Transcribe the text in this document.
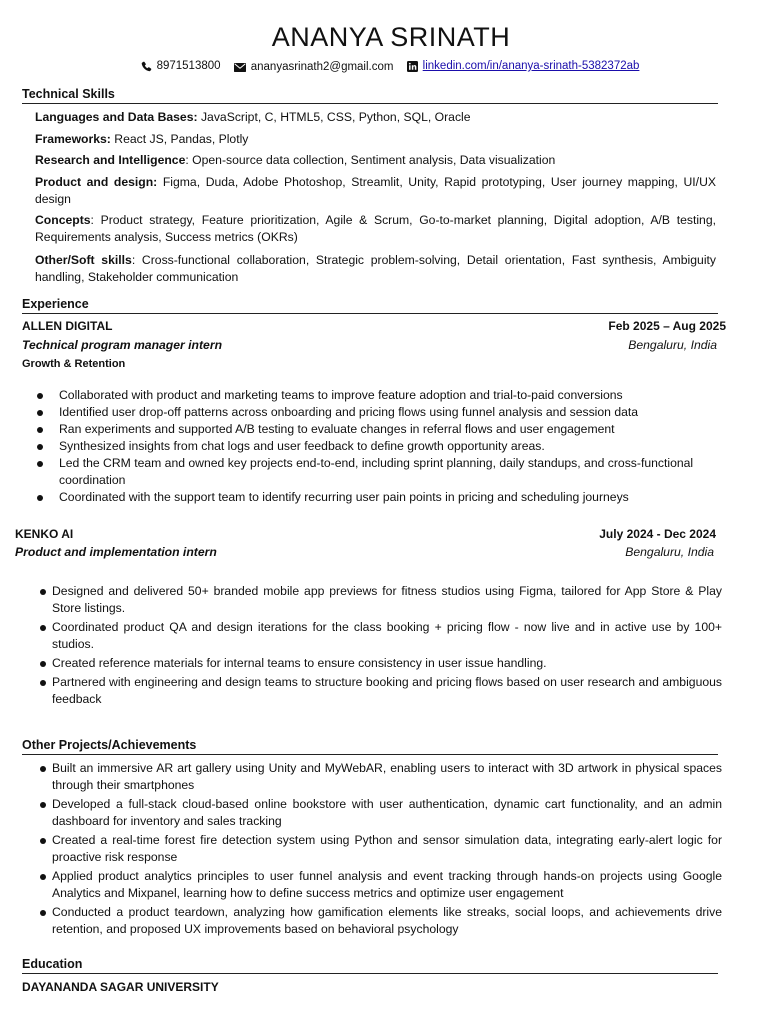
ANANYA SRINATH
8971513800
	ananyasrinath2@gmail.com
	linkedin.com/in/ananya-srinath-5382372ab
Technical Skills
Languages and Data Bases: JavaScript, C, HTML5, CSS, Python, SQL, Oracle
Frameworks: React JS, Pandas, Plotly
Research and Intelligence: Open-source data collection, Sentiment analysis, Data visualization
Product and design: Figma, Duda, Adobe Photoshop, Streamlit, Unity, Rapid prototyping, User journey mapping, UI/UX design
Concepts: Product strategy, Feature prioritization, Agile & Scrum, Go-to-market planning, Digital adoption, A/B testing, Requirements analysis, Success metrics (OKRs)
Other/Soft skills: Cross-functional collaboration, Strategic problem-solving, Detail orientation, Fast synthesis, Ambiguity handling, Stakeholder communication
Experience
ALLEN DIGITAL	Feb 2025 – Aug 2025
Technical program manager intern	Bengaluru, India
Growth & Retention
Collaborated with product and marketing teams to improve feature adoption and trial-to-paid conversions
Identified user drop-off patterns across onboarding and pricing flows using funnel analysis and session data
Ran experiments and supported A/B testing to evaluate changes in referral flows and user engagement
Synthesized insights from chat logs and user feedback to define growth opportunity areas.
Led the CRM team and owned key projects end-to-end, including sprint planning, daily standups, and cross-functional coordination
Coordinated with the support team to identify recurring user pain points in pricing and scheduling journeys
KENKO AI	July 2024 - Dec 2024
Product and implementation intern	Bengaluru, India
Designed and delivered 50+ branded mobile app previews for fitness studios using Figma, tailored for App Store & Play Store listings.
Coordinated product QA and design iterations for the class booking + pricing flow - now live and in active use by 100+ studios.
Created reference materials for internal teams to ensure consistency in user issue handling.
Partnered with engineering and design teams to structure booking and pricing flows based on user research and ambiguous feedback
Other Projects/Achievements
Built an immersive AR art gallery using Unity and MyWebAR, enabling users to interact with 3D artwork in physical spaces through their smartphones
Developed a full-stack cloud-based online bookstore with user authentication, dynamic cart functionality, and an admin dashboard for inventory and sales tracking
Created a real-time forest fire detection system using Python and sensor simulation data, integrating early-alert logic for proactive risk response
Applied product analytics principles to user funnel analysis and event tracking through hands-on projects using Google Analytics and Mixpanel, learning how to define success metrics and optimize user engagement
Conducted a product teardown, analyzing how gamification elements like streaks, social loops, and achievements drive retention, and proposed UX improvements based on behavioral psychology
Education
DAYANANDA SAGAR UNIVERSITY
